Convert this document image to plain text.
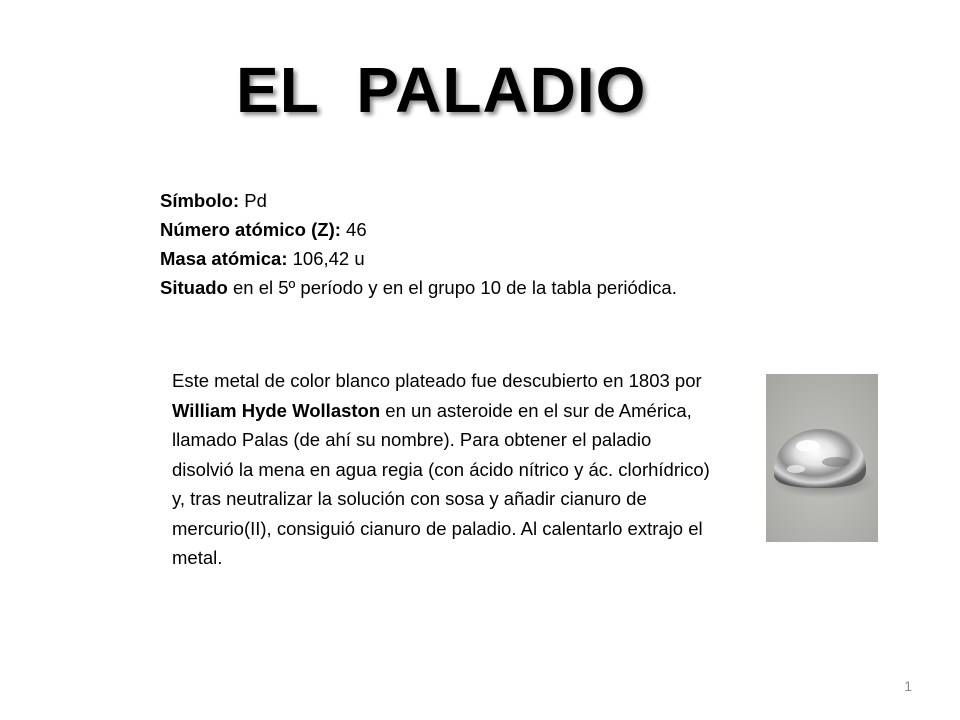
EL  PALADIO
Símbolo: Pd
Número atómico (Z): 46
Masa atómica: 106,42 u
Situado en el 5º período y en el grupo 10 de la tabla periódica.
Este metal de color blanco plateado fue descubierto en 1803 por William Hyde Wollaston en un asteroide en el sur de América, llamado Palas (de ahí su nombre). Para obtener el paladio disolvió la mena en agua regia (con ácido nítrico y ác. clorhídrico) y, tras neutralizar la solución con sosa y añadir cianuro de mercurio(II), consiguió cianuro de paladio. Al calentarlo extrajo el metal.
1
